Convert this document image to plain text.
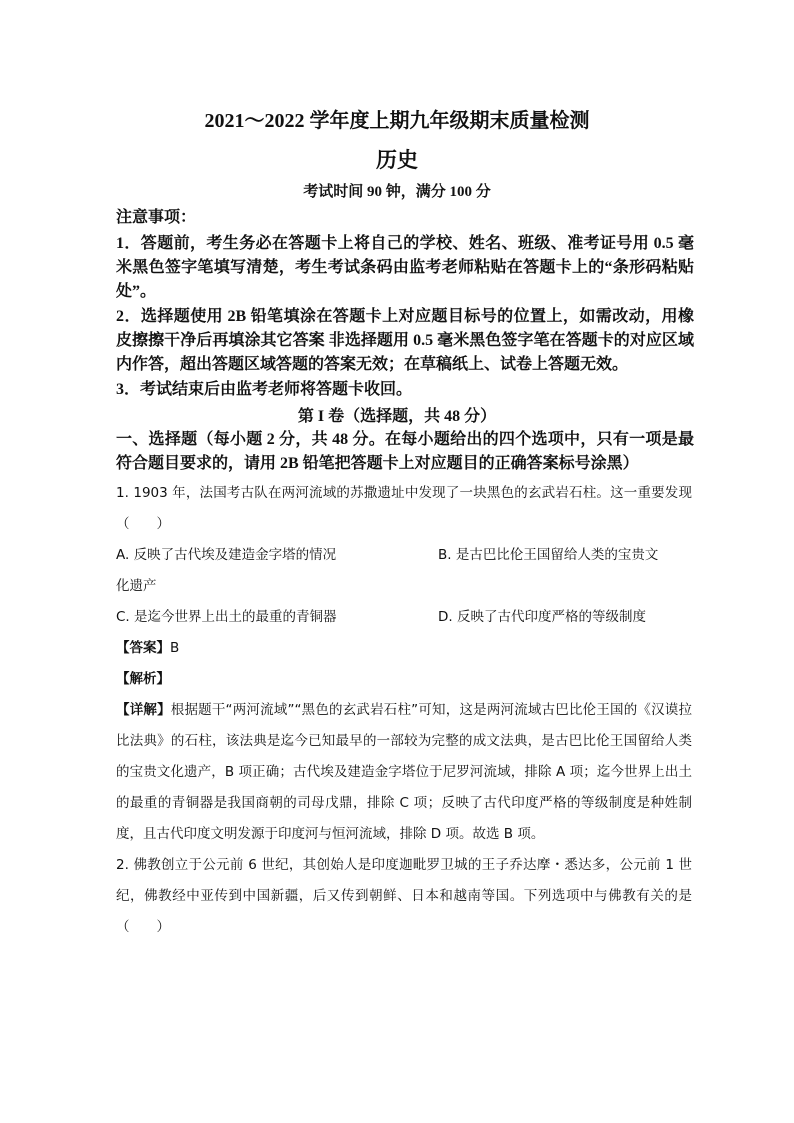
2021～2022 学年度上期九年级期末质量检测
历史
考试时间 90 钟，满分 100 分
注意事项：
1．答题前，考生务必在答题卡上将自己的学校、姓名、班级、准考证号用 0.5 毫米黑色签字笔填写清楚，考生考试条码由监考老师粘贴在答题卡上的“条形码粘贴处”。
2．选择题使用 2B 铅笔填涂在答题卡上对应题目标号的位置上，如需改动，用橡皮擦擦干净后再填涂其它答案 非选择题用 0.5 毫米黑色签字笔在答题卡的对应区域内作答，超出答题区域答题的答案无效；在草稿纸上、试卷上答题无效。
3．考试结束后由监考老师将答题卡收回。
第 I 卷（选择题，共 48 分）
一、选择题（每小题 2 分，共 48 分。在每小题给出的四个选项中，只有一项是最符合题目要求的，请用 2B 铅笔把答题卡上对应题目的正确答案标号涂黑）
1. 1903 年，法国考古队在两河流域的苏撒遗址中发现了一块黑色的玄武岩石柱。这一重要发现（　　）
A. 反映了古代埃及建造金字塔的情况	B. 是古巴比伦王国留给人类的宝贵文
化遗产
C. 是迄今世界上出土的最重的青铜器	D. 反映了古代印度严格的等级制度
【答案】B
【解析】
【详解】根据题干“两河流域”“黑色的玄武岩石柱”可知，这是两河流域古巴比伦王国的《汉谟拉比法典》的石柱，该法典是迄今已知最早的一部较为完整的成文法典，是古巴比伦王国留给人类的宝贵文化遗产，B 项正确；古代埃及建造金字塔位于尼罗河流域，排除 A 项；迄今世界上出土的最重的青铜器是我国商朝的司母戊鼎，排除 C 项；反映了古代印度严格的等级制度是种姓制度，且古代印度文明发源于印度河与恒河流域，排除 D 项。故选 B 项。
2. 佛教创立于公元前 6 世纪，其创始人是印度迦毗罗卫城的王子乔达摩・悉达多，公元前 1 世纪，佛教经中亚传到中国新疆，后又传到朝鲜、日本和越南等国。下列选项中与佛教有关的是（　　）
